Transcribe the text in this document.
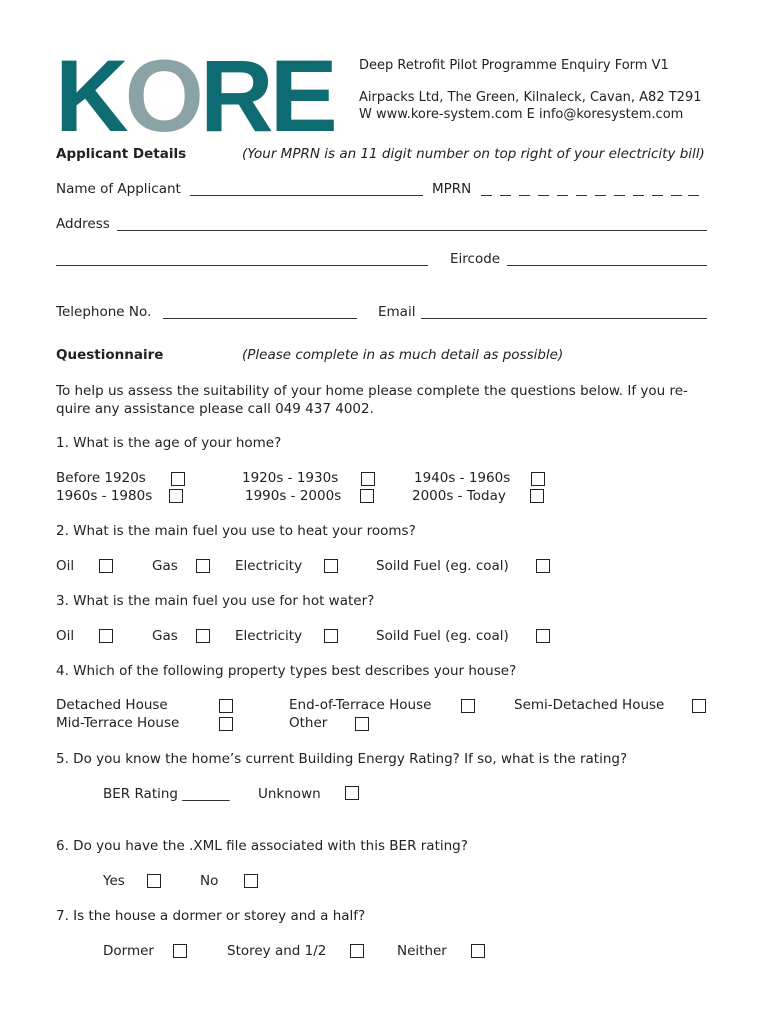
KORE	Deep Retrofit Pilot Programme Enquiry Form V1
Airpacks Ltd, The Green, Kilnaleck, Cavan, A82 T291
W www.kore-system.com E info@koresystem.com
Applicant Details	(Your MPRN is an 11 digit number on top right of your electricity bill)
Name of Applicant	MPRN
Address
Eircode
Telephone No.	Email
Questionnaire	(Please complete in as much detail as possible)
To help us assess the suitability of your home please complete the questions below. If you re-
quire any assistance please call 049 437 4002.
1. What is the age of your home?
Before 1920s	1920s - 1930s	1940s - 1960s
1960s - 1980s	1990s - 2000s	2000s - Today
2. What is the main fuel you use to heat your rooms?
Oil	Gas	Electricity	Soild Fuel (eg. coal)
3. What is the main fuel you use for hot water?
Oil	Gas	Electricity	Soild Fuel (eg. coal)
4. Which of the following property types best describes your house?
Detached House	End-of-Terrace House	Semi-Detached House
Mid-Terrace House	Other
5. Do you know the home’s current Building Energy Rating? If so, what is the rating?
BER Rating _______ Unknown
6. Do you have the .XML file associated with this BER rating?
Yes	No
7. Is the house a dormer or storey and a half?
Dormer	Storey and 1/2	Neither
